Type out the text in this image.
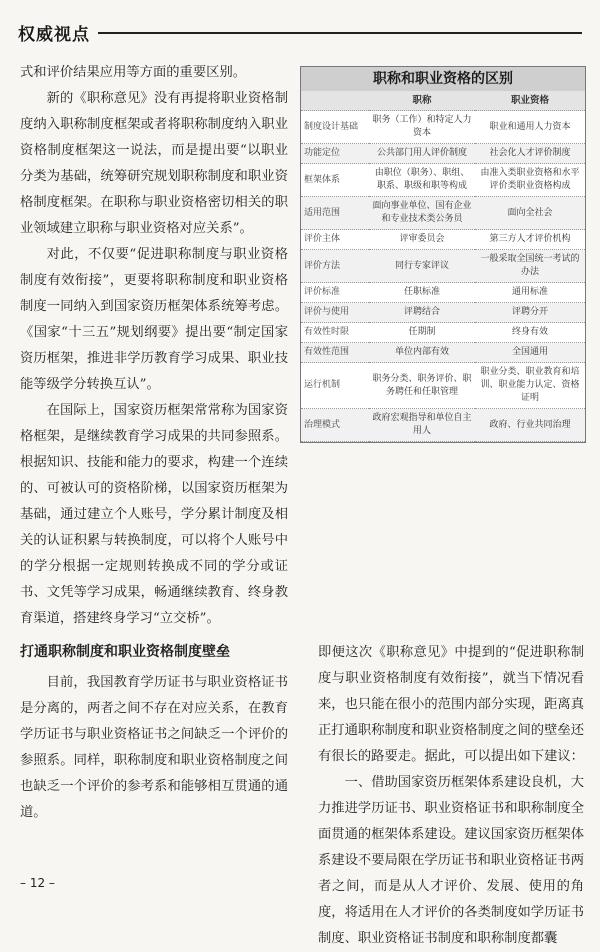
权威视点

式和评价结果应用等方面的重要区别。

新的《职称意见》没有再提将职业资格制度纳入职称制度框架或者将职称制度纳入职业资格制度框架这一说法，而是提出要“以职业分类为基础，统筹研究规划职称制度和职业资格制度框架。在职称与职业资格密切相关的职业领域建立职称与职业资格对应关系”。

对此，不仅要“促进职称制度与职业资格制度有效衔接”，更要将职称制度和职业资格制度一同纳入到国家资历框架体系统筹考虑。《国家“十三五”规划纲要》提出要“制定国家资历框架，推进非学历教育学习成果、职业技能等级学分转换互认”。

在国际上，国家资历框架常常称为国家资格框架，是继续教育学习成果的共同参照系。根据知识、技能和能力的要求，构建一个连续的、可被认可的资格阶梯，以国家资历框架为基础，通过建立个人账号，学分累计制度及相关的认证积累与转换制度，可以将个人账号中的学分根据一定规则转换成不同的学分或证书、文凭等学习成果，畅通继续教育、终身教育渠道，搭建终身学习“立交桥”。

打通职称制度和职业资格制度壁垒

目前，我国教育学历证书与职业资格证书是分离的，两者之间不存在对应关系，在教育学历证书与职业资格证书之间缺乏一个评价的参照系。同样，职称制度和职业资格制度之间也缺乏一个评价的参考系和能够相互贯通的通道。

职称和职业资格的区别
	职称	职业资格
制度设计基础	职务（工作）和特定人力资本	职业和通用人力资本
功能定位	公共部门用人评价制度	社会化人才评价制度
框架体系	由职位（职务）、职组、职系、职级和职等构成	由准入类职业资格和水平评价类职业资格构成
适用范围	面向事业单位、国有企业和专业技术类公务员	面向全社会
评价主体	评审委员会	第三方人才评价机构
评价方法	同行专家评议	一般采取全国统一考试的办法
评价标准	任职标准	通用标准
评价与使用	评聘结合	评聘分开
有效性时限	任期制	终身有效
有效性范围	单位内部有效	全国通用
运行机制	职务分类、职务评价、职务聘任和任职管理	职业分类、职业教育和培训、职业能力认定、资格证明
治理模式	政府宏观指导和单位自主用人	政府、行业共同治理

即便这次《职称意见》中提到的“促进职称制度与职业资格制度有效衔接”，就当下情况看来，也只能在很小的范围内部分实现，距离真正打通职称制度和职业资格制度之间的壁垒还有很长的路要走。据此，可以提出如下建议：

一、借助国家资历框架体系建设良机，大力推进学历证书、职业资格证书和职称制度全面贯通的框架体系建设。建议国家资历框架体系建设不要局限在学历证书和职业资格证书两者之间，而是从人才评价、发展、使用的角度，将适用在人才评价的各类制度如学历证书制度、职业资格证书制度和职称制度都囊

– 12 –
